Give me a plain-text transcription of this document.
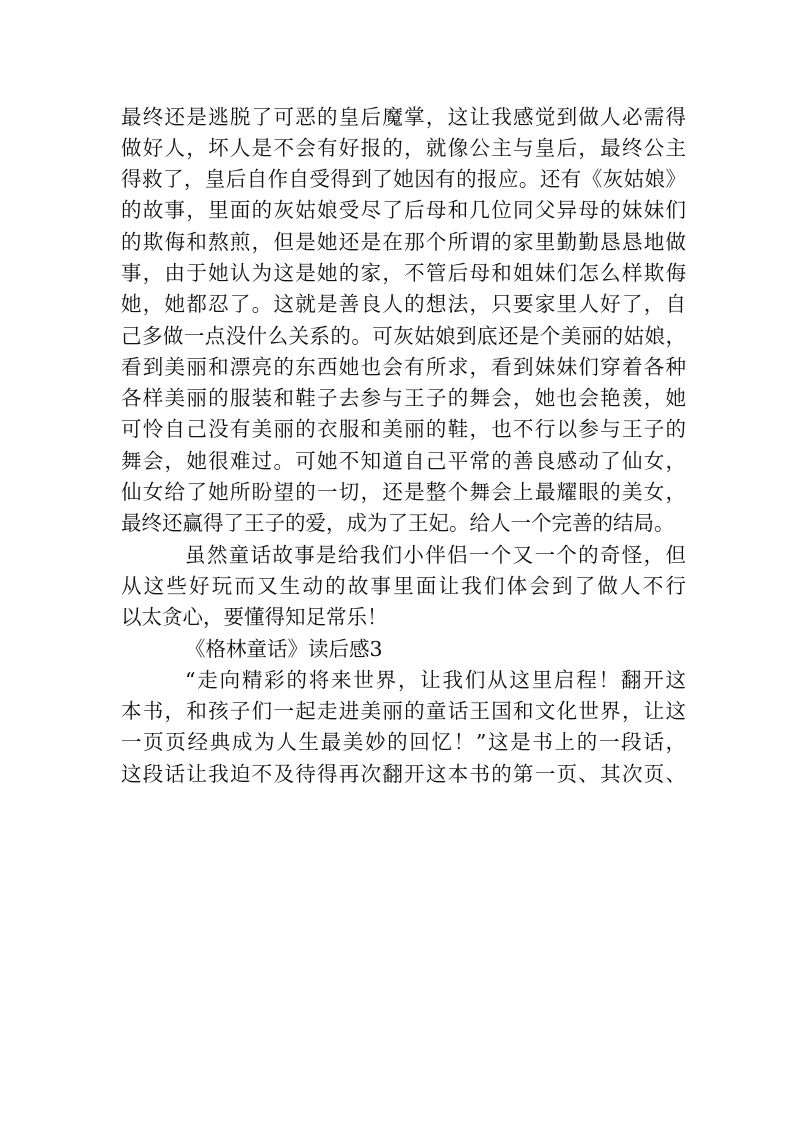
最终还是逃脱了可恶的皇后魔掌，这让我感觉到做人必需得
做好人，坏人是不会有好报的，就像公主与皇后，最终公主
得救了，皇后自作自受得到了她因有的报应。还有《灰姑娘》
的故事，里面的灰姑娘受尽了后母和几位同父异母的妹妹们
的欺侮和熬煎，但是她还是在那个所谓的家里勤勤恳恳地做
事，由于她认为这是她的家，不管后母和姐妹们怎么样欺侮
她，她都忍了。这就是善良人的想法，只要家里人好了，自
己多做一点没什么关系的。可灰姑娘到底还是个美丽的姑娘，
看到美丽和漂亮的东西她也会有所求，看到妹妹们穿着各种
各样美丽的服装和鞋子去参与王子的舞会，她也会艳羡，她
可怜自己没有美丽的衣服和美丽的鞋，也不行以参与王子的
舞会，她很难过。可她不知道自己平常的善良感动了仙女，
仙女给了她所盼望的一切，还是整个舞会上最耀眼的美女，
最终还赢得了王子的爱，成为了王妃。给人一个完善的结局。
虽然童话故事是给我们小伴侣一个又一个的奇怪，但
从这些好玩而又生动的故事里面让我们体会到了做人不行
以太贪心，要懂得知足常乐！
《格林童话》读后感3
“走向精彩的将来世界，让我们从这里启程！翻开这
本书，和孩子们一起走进美丽的童话王国和文化世界，让这
一页页经典成为人生最美妙的回忆！”这是书上的一段话，
这段话让我迫不及待得再次翻开这本书的第一页、其次页、
